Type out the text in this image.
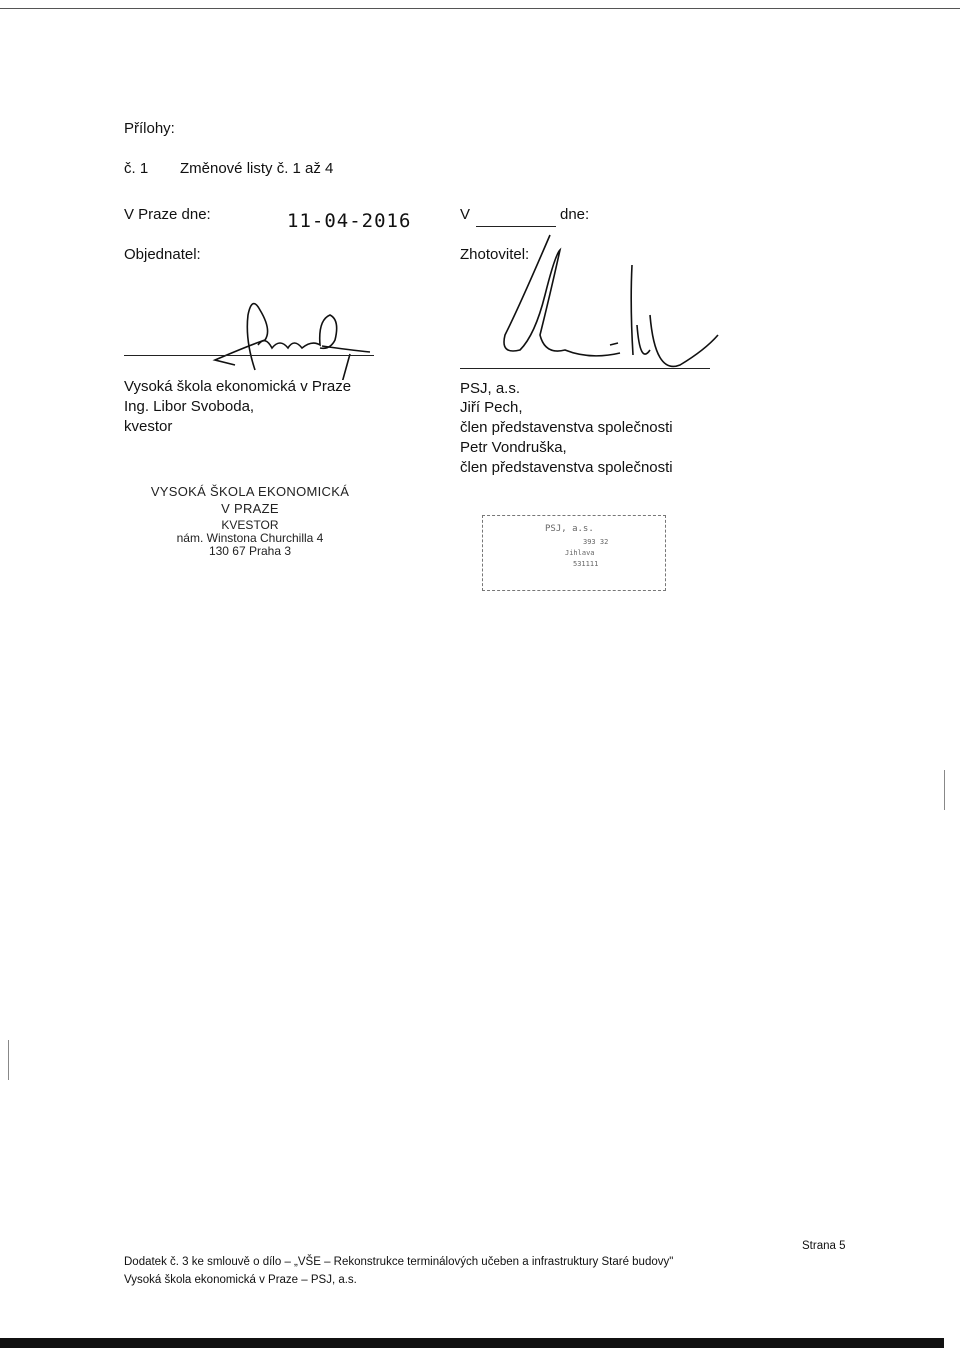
Přílohy:
č. 1 Změnové listy č. 1 až 4
V Praze dne:	11-04-2016
Objednatel:
V	dne:
Zhotovitel:
Vysoká škola ekonomická v Praze
Ing. Libor Svoboda,
kvestor
PSJ, a.s.
Jiří Pech,
člen představenstva společnosti
Petr Vondruška,
člen představenstva společnosti
VYSOKÁ ŠKOLA EKONOMICKÁ
V PRAZE
KVESTOR
nám. Winstona Churchilla 4
130 67 Praha 3
PSJ, a.s.
393 32
Jihlava
531111
Strana 5
Dodatek č. 3 ke smlouvě o dílo – „VŠE – Rekonstrukce terminálových učeben a infrastruktury Staré budovy"
Vysoká škola ekonomická v Praze – PSJ, a.s.
